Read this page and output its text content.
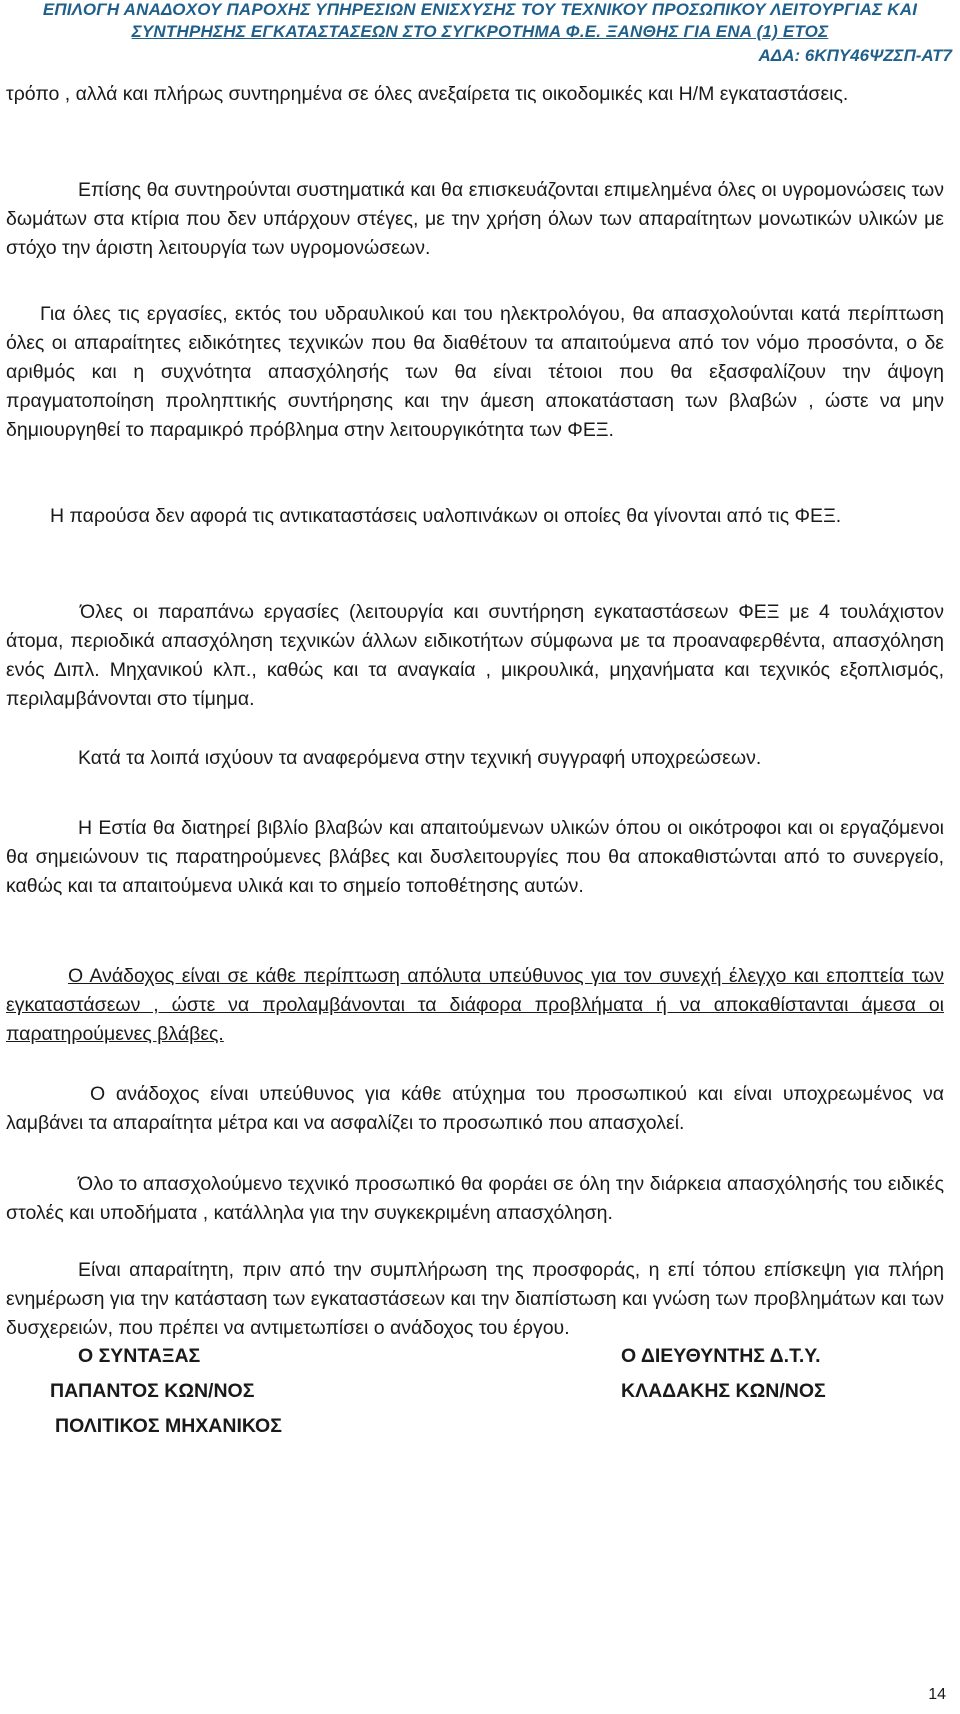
ΕΠΙΛΟΓΗ ΑΝΑΔΟΧΟΥ ΠΑΡΟΧΗΣ ΥΠΗΡΕΣΙΩΝ ΕΝΙΣΧΥΣΗΣ ΤΟΥ ΤΕΧΝΙΚΟΥ ΠΡΟΣΩΠΙΚΟΥ ΛΕΙΤΟΥΡΓΙΑΣ ΚΑΙ
ΣΥΝΤΗΡΗΣΗΣ ΕΓΚΑΤΑΣΤΑΣΕΩΝ ΣΤΟ ΣΥΓΚΡΟΤΗΜΑ Φ.Ε. ΞΑΝΘΗΣ ΓΙΑ ΕΝΑ (1) ΕΤΟΣ
ΑΔΑ: 6ΚΠΥ46ΨΖΣΠ-ΑΤ7

τρόπο , αλλά και πλήρως συντηρημένα σε όλες ανεξαίρετα τις οικοδομικές και Η/Μ εγκαταστάσεις.

Επίσης θα συντηρούνται συστηματικά και θα επισκευάζονται επιμελημένα όλες οι υγρομονώσεις των δωμάτων στα κτίρια που δεν υπάρχουν στέγες, με την χρήση όλων των απαραίτητων μονωτικών υλικών με στόχο την άριστη λειτουργία των υγρομονώσεων.

Για όλες τις εργασίες, εκτός του υδραυλικού και του ηλεκτρολόγου, θα απασχολούνται κατά περίπτωση όλες οι απαραίτητες ειδικότητες τεχνικών που θα διαθέτουν τα απαιτούμενα από τον νόμο προσόντα, ο δε αριθμός και η συχνότητα απασχόλησής των θα είναι τέτοιοι που θα εξασφαλίζουν την άψογη πραγματοποίηση προληπτικής συντήρησης και την άμεση αποκατάσταση των βλαβών , ώστε να μην δημιουργηθεί το παραμικρό πρόβλημα στην λειτουργικότητα των ΦΕΞ.

Η παρούσα δεν αφορά τις αντικαταστάσεις υαλοπινάκων οι οποίες θα γίνονται από τις ΦΕΞ.

Όλες οι παραπάνω εργασίες (λειτουργία και συντήρηση εγκαταστάσεων ΦΕΞ με 4 τουλάχιστον άτομα, περιοδικά απασχόληση τεχνικών άλλων ειδικοτήτων σύμφωνα με τα προαναφερθέντα, απασχόληση ενός Διπλ. Μηχανικού κλπ., καθώς και τα αναγκαία , μικρουλικά, μηχανήματα και τεχνικός εξοπλισμός, περιλαμβάνονται στο τίμημα.

Κατά τα λοιπά ισχύουν τα αναφερόμενα στην τεχνική συγγραφή υποχρεώσεων.

Η Εστία θα διατηρεί βιβλίο βλαβών και απαιτούμενων υλικών όπου οι οικότροφοι και οι εργαζόμενοι θα σημειώνουν τις παρατηρούμενες βλάβες και δυσλειτουργίες που θα αποκαθιστώνται από το συνεργείο, καθώς και τα απαιτούμενα υλικά και το σημείο τοποθέτησης αυτών.

Ο Ανάδοχος είναι σε κάθε περίπτωση απόλυτα υπεύθυνος για τον συνεχή έλεγχο και εποπτεία των εγκαταστάσεων , ώστε να προλαμβάνονται τα διάφορα προβλήματα ή να αποκαθίστανται άμεσα οι παρατηρούμενες βλάβες.

Ο ανάδοχος είναι υπεύθυνος για κάθε ατύχημα του προσωπικού και είναι υποχρεωμένος να λαμβάνει τα απαραίτητα μέτρα και να ασφαλίζει το προσωπικό που απασχολεί.

Όλο το απασχολούμενο τεχνικό προσωπικό θα φοράει σε όλη την διάρκεια απασχόλησής του ειδικές στολές και υποδήματα , κατάλληλα για την συγκεκριμένη απασχόληση.

Είναι απαραίτητη, πριν από την συμπλήρωση της προσφοράς, η επί τόπου επίσκεψη για πλήρη ενημέρωση για την κατάσταση των εγκαταστάσεων και την διαπίστωση και γνώση των προβλημάτων και των δυσχερειών, που πρέπει να αντιμετωπίσει ο ανάδοχος του έργου.

Ο ΣΥΝΤΑΞΑΣ
ΠΑΠΑΝΤΟΣ ΚΩΝ/ΝΟΣ
ΠΟΛΙΤΙΚΟΣ ΜΗΧΑΝΙΚΟΣ
Ο ΔΙΕΥΘΥΝΤΗΣ Δ.Τ.Υ.
ΚΛΑΔΑΚΗΣ ΚΩΝ/ΝΟΣ
14
